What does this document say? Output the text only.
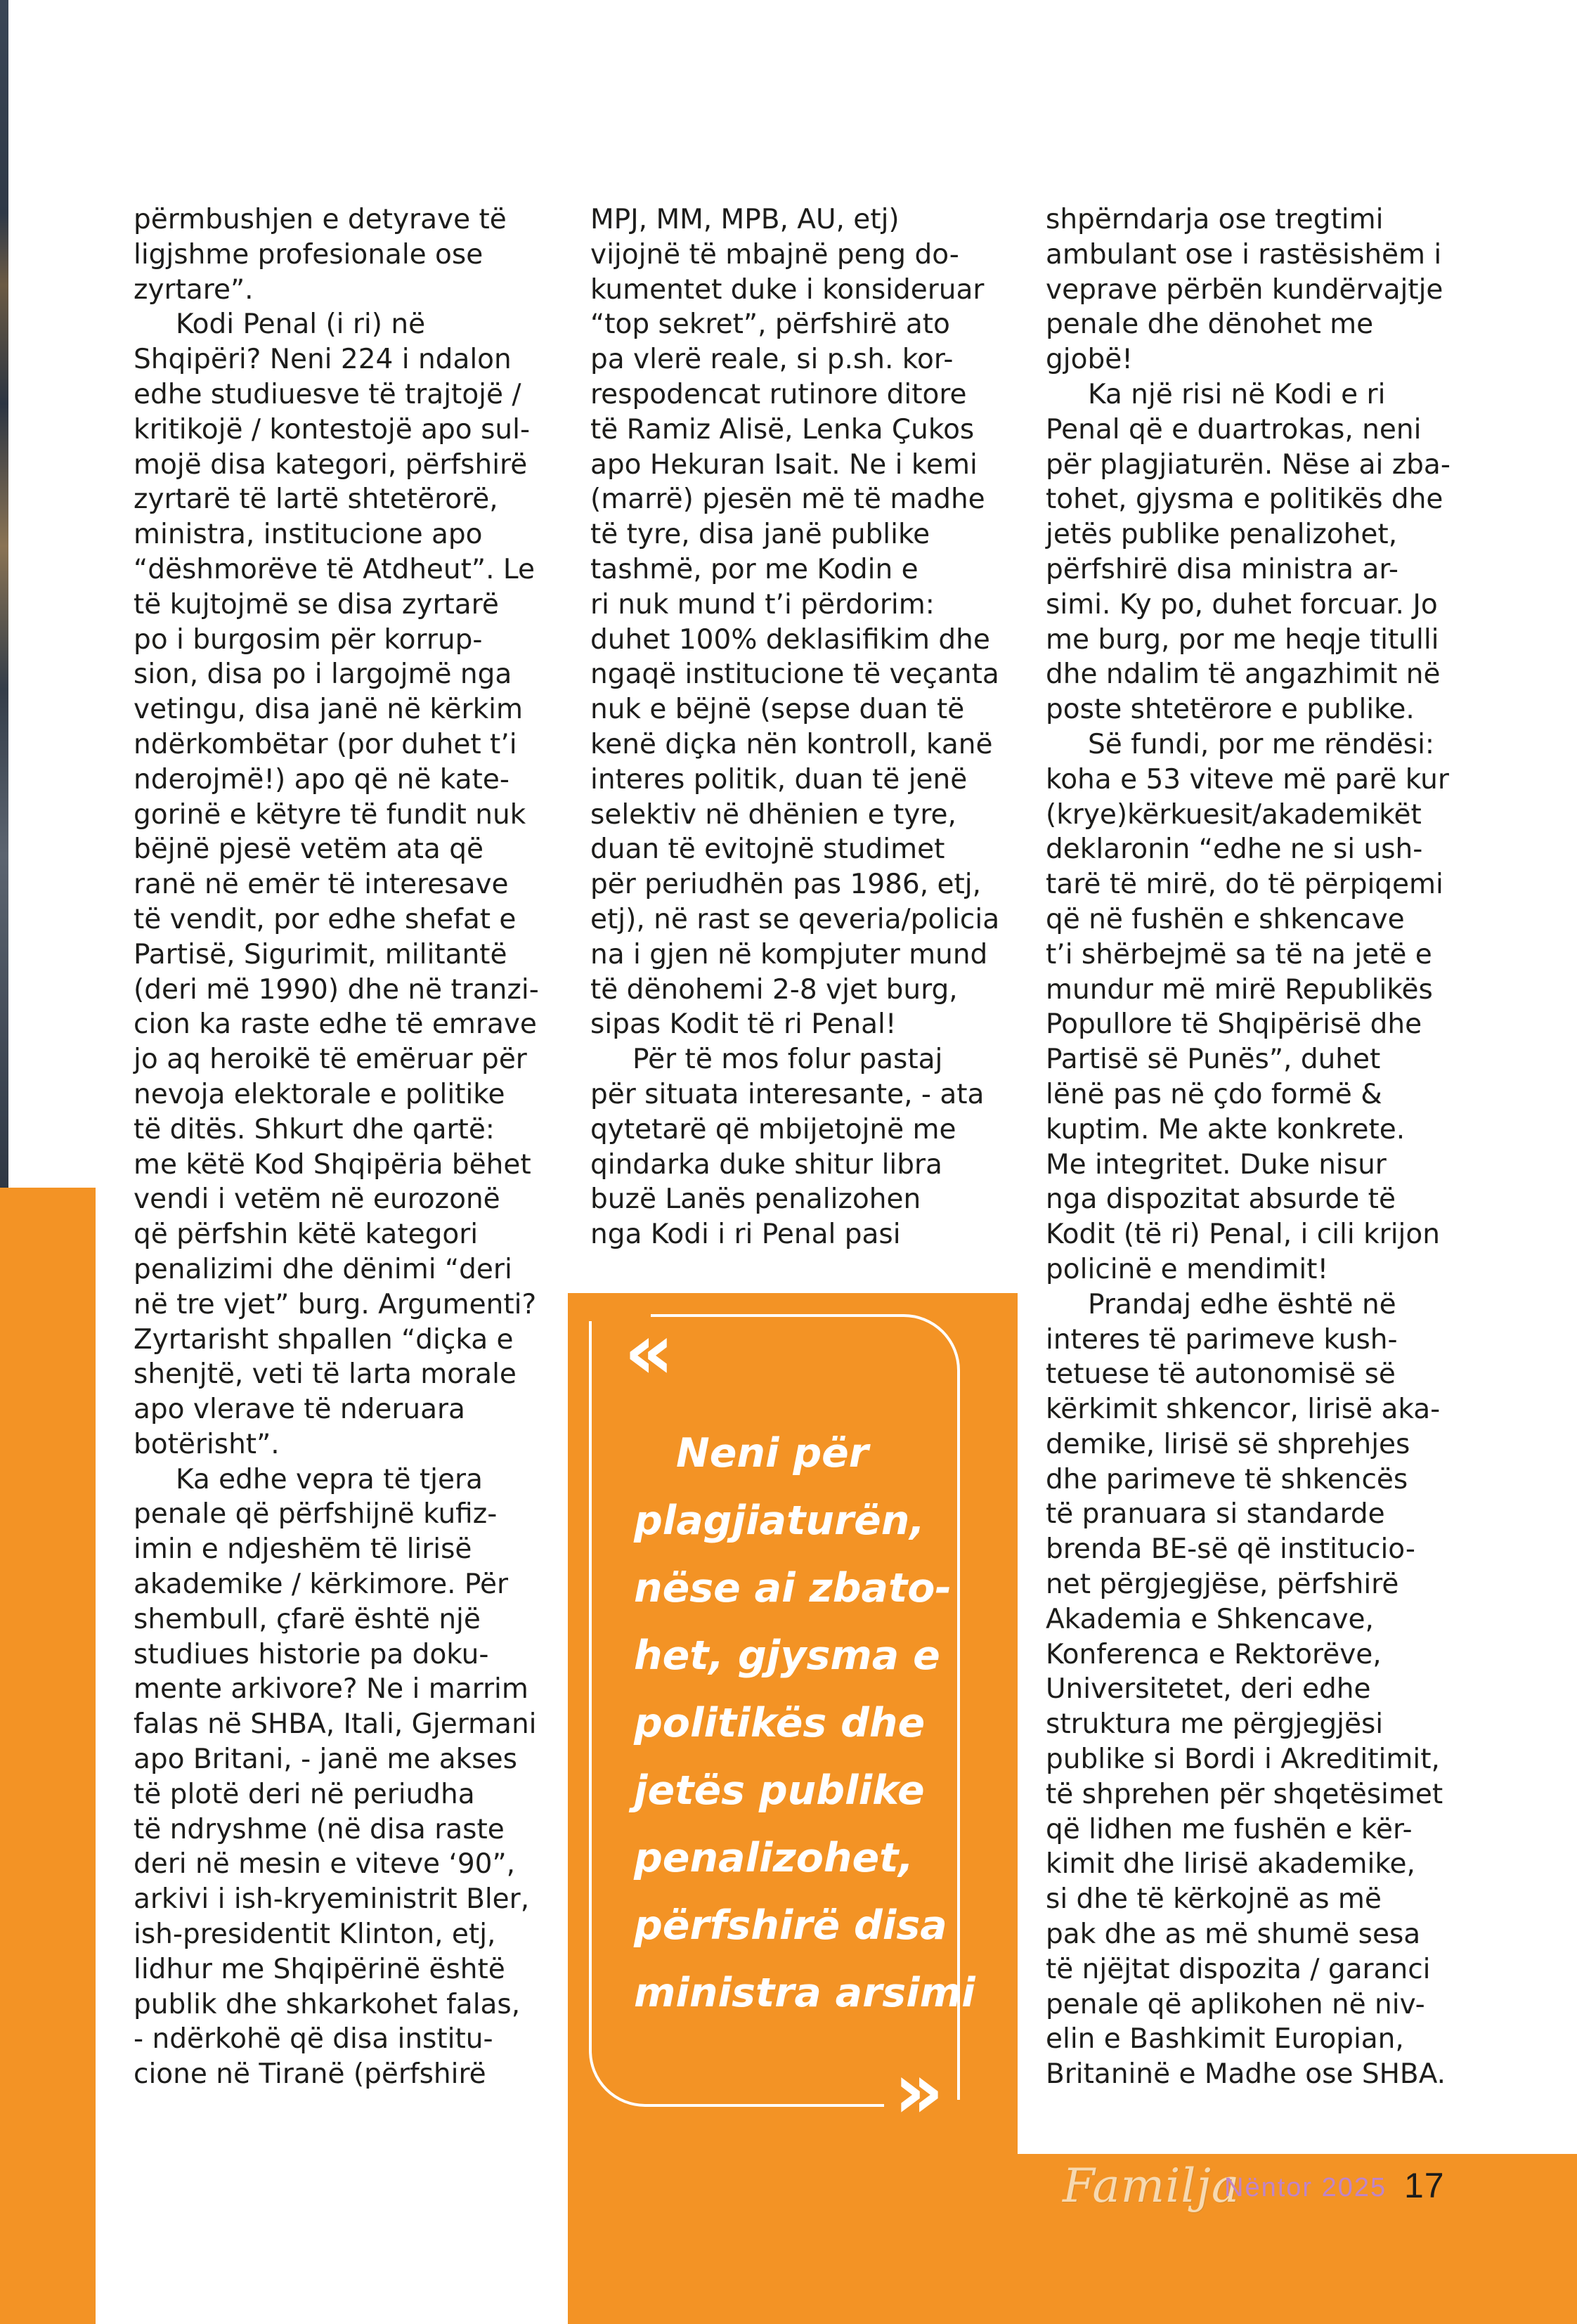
përmbushjen e detyrave të
ligjshme profesionale ose
zyrtare”.
Kodi Penal (i ri) në
Shqipëri? Neni 224 i ndalon
edhe studiuesve të trajtojë /
kritikojë / kontestojë apo sul-
mojë disa kategori, përfshirë
zyrtarë të lartë shtetërorë,
ministra, institucione apo
“dëshmorëve të Atdheut”. Le
të kujtojmë se disa zyrtarë
po i burgosim për korrup-
sion, disa po i largojmë nga
vetingu, disa janë në kërkim
ndërkombëtar (por duhet t’i
nderojmë!) apo që në kate-
gorinë e këtyre të fundit nuk
bëjnë pjesë vetëm ata që
ranë në emër të interesave
të vendit, por edhe shefat e
Partisë, Sigurimit, militantë
(deri më 1990) dhe në tranzi-
cion ka raste edhe të emrave
jo aq heroikë të emëruar për
nevoja elektorale e politike
të ditës. Shkurt dhe qartë:
me këtë Kod Shqipëria bëhet
vendi i vetëm në eurozonë
që përfshin këtë kategori
penalizimi dhe dënimi “deri
në tre vjet” burg. Argumenti?
Zyrtarisht shpallen “diçka e
shenjtë, veti të larta morale
apo vlerave të nderuara
botërisht”.
Ka edhe vepra të tjera
penale që përfshijnë kufiz-
imin e ndjeshëm të lirisë
akademike / kërkimore. Për
shembull, çfarë është një
studiues historie pa doku-
mente arkivore? Ne i marrim
falas në SHBA, Itali, Gjermani
apo Britani, - janë me akses
të plotë deri në periudha
të ndryshme (në disa raste
deri në mesin e viteve ‘90”,
arkivi i ish-kryeministrit Bler,
ish-presidentit Klinton, etj,
lidhur me Shqipërinë është
publik dhe shkarkohet falas,
- ndërkohë që disa institu-
cione në Tiranë (përfshirë
MPJ, MM, MPB, AU, etj)
vijojnë të mbajnë peng do-
kumentet duke i konsideruar
“top sekret”, përfshirë ato
pa vlerë reale, si p.sh. kor-
respodencat rutinore ditore
të Ramiz Alisë, Lenka Çukos
apo Hekuran Isait. Ne i kemi
(marrë) pjesën më të madhe
të tyre, disa janë publike
tashmë, por me Kodin e
ri nuk mund t’i përdorim:
duhet 100% deklasifikim dhe
ngaqë institucione të veçanta
nuk e bëjnë (sepse duan të
kenë diçka nën kontroll, kanë
interes politik, duan të jenë
selektiv në dhënien e tyre,
duan të evitojnë studimet
për periudhën pas 1986, etj,
etj), në rast se qeveria/policia
na i gjen në kompjuter mund
të dënohemi 2-8 vjet burg,
sipas Kodit të ri Penal!
Për të mos folur pastaj
për situata interesante, - ata
qytetarë që mbijetojnë me
qindarka duke shitur libra
buzë Lanës penalizohen
nga Kodi i ri Penal pasi
shpërndarja ose tregtimi
ambulant ose i rastësishëm i
veprave përbën kundërvajtje
penale dhe dënohet me
gjobë!
Ka një risi në Kodi e ri
Penal që e duartrokas, neni
për plagjiaturën. Nëse ai zba-
tohet, gjysma e politikës dhe
jetës publike penalizohet,
përfshirë disa ministra ar-
simi. Ky po, duhet forcuar. Jo
me burg, por me heqje titulli
dhe ndalim të angazhimit në
poste shtetërore e publike.
Së fundi, por me rëndësi:
koha e 53 viteve më parë kur
(krye)kërkuesit/akademikët
deklaronin “edhe ne si ush-
tarë të mirë, do të përpiqemi
që në fushën e shkencave
t’i shërbejmë sa të na jetë e
mundur më mirë Republikës
Popullore të Shqipërisë dhe
Partisë së Punës”, duhet
lënë pas në çdo formë &
kuptim. Me akte konkrete.
Me integritet. Duke nisur
nga dispozitat absurde të
Kodit (të ri) Penal, i cili krijon
policinë e mendimit!
Prandaj edhe është në
interes të parimeve kush-
tetuese të autonomisë së
kërkimit shkencor, lirisë aka-
demike, lirisë së shprehjes
dhe parimeve të shkencës
të pranuara si standarde
brenda BE-së që institucio-
net përgjegjëse, përfshirë
Akademia e Shkencave,
Konferenca e Rektorëve,
Universitetet, deri edhe
struktura me përgjegjësi
publike si Bordi i Akreditimit,
të shprehen për shqetësimet
që lidhen me fushën e kër-
kimit dhe lirisë akademike,
si dhe të kërkojnë as më
pak dhe as më shumë sesa
të njëjtat dispozita / garanci
penale që aplikohen në niv-
elin e Bashkimit Europian,
Britaninë e Madhe ose SHBA.
«
Neni për
plagjiaturën,
nëse ai zbato-
het, gjysma e
politikës dhe
jetës publike
penalizohet,
përfshirë disa
ministra arsimi
»
Familja
Nëntor 2025 17
